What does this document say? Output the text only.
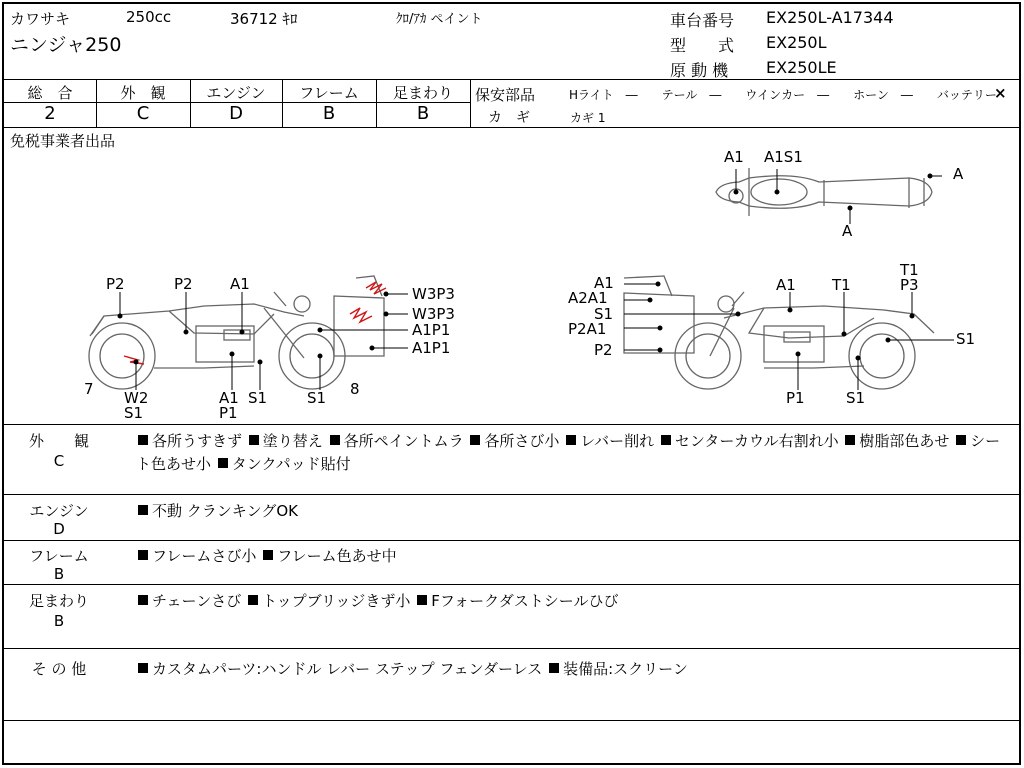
カワサキ	250cc	36712 ｷﾛ	ｸﾛ/ｱｶ ペイント
ニンジャ250
車台番号 EX250L-A17344
型　　式 EX250L
原 動 機 EX250LE
総　合	外　観	エンジン	フレーム	足まわり
2	C	D	B	B
保安部品	Hライト　―　　テール　―　　ウインカー　―　　ホーン　―　　バッテリー
×
カ　ギ	カギ 1
免税事業者出品
A1 A1S1
A
A
P2	P2 A1
W3P3
W3P3
A1P1
A1P1
7 W2
S1
A1
P1
S1	S1 8
A1
A2A1
S1
P2A1
P2
A1 T1
T1
P3
S1
P1	S1
外　　観
C
各所うすきず 塗り替え 各所ペイントムラ 各所さび小 レバー削れ センターカウル右割れ小 樹脂部色あせ シート色あせ小 タンクパッド貼付
エンジン
D
不動 クランキングOK
フレーム
B
フレームさび小 フレーム色あせ中
足まわり
B
チェーンさび トップブリッジきず小 Fフォークダストシールひび
そ の 他	カスタムパーツ:ハンドル レバー ステップ フェンダーレス 装備品:スクリーン
